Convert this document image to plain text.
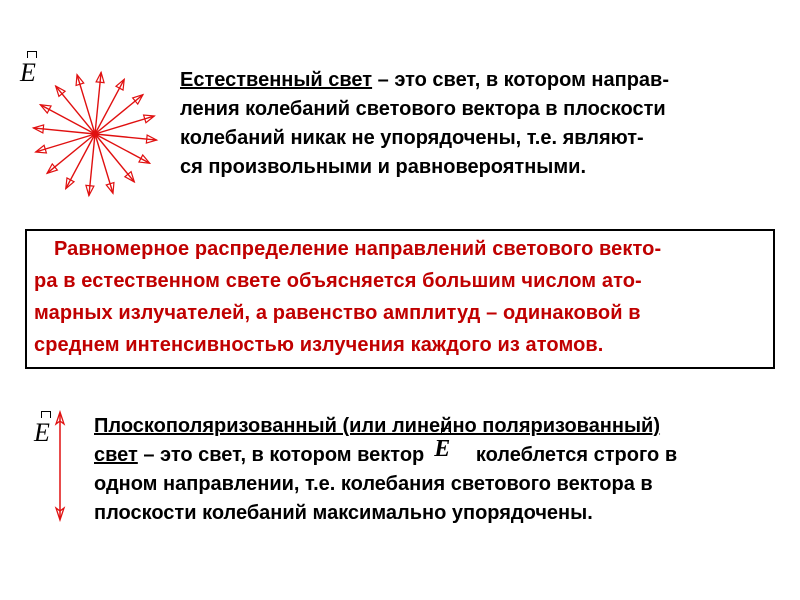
E	Естественный свет – это свет, в котором направ-
ления колебаний светового вектора в плоскости
колебаний никак не упорядочены, т.е. являют-
ся произвольными и равновероятными.
Равномерное распределение направлений светового векто-
ра в естественном свете объясняется большим числом ато-
марных излучателей, а равенство амплитуд – одинаковой в
среднем интенсивностью излучения каждого из атомов.
E Плоскополяризованный (или линейно поляризованный)
свет – это свет, в котором вектор E колеблется строго в
одном направлении, т.е. колебания светового вектора в
плоскости колебаний максимально упорядочены.
